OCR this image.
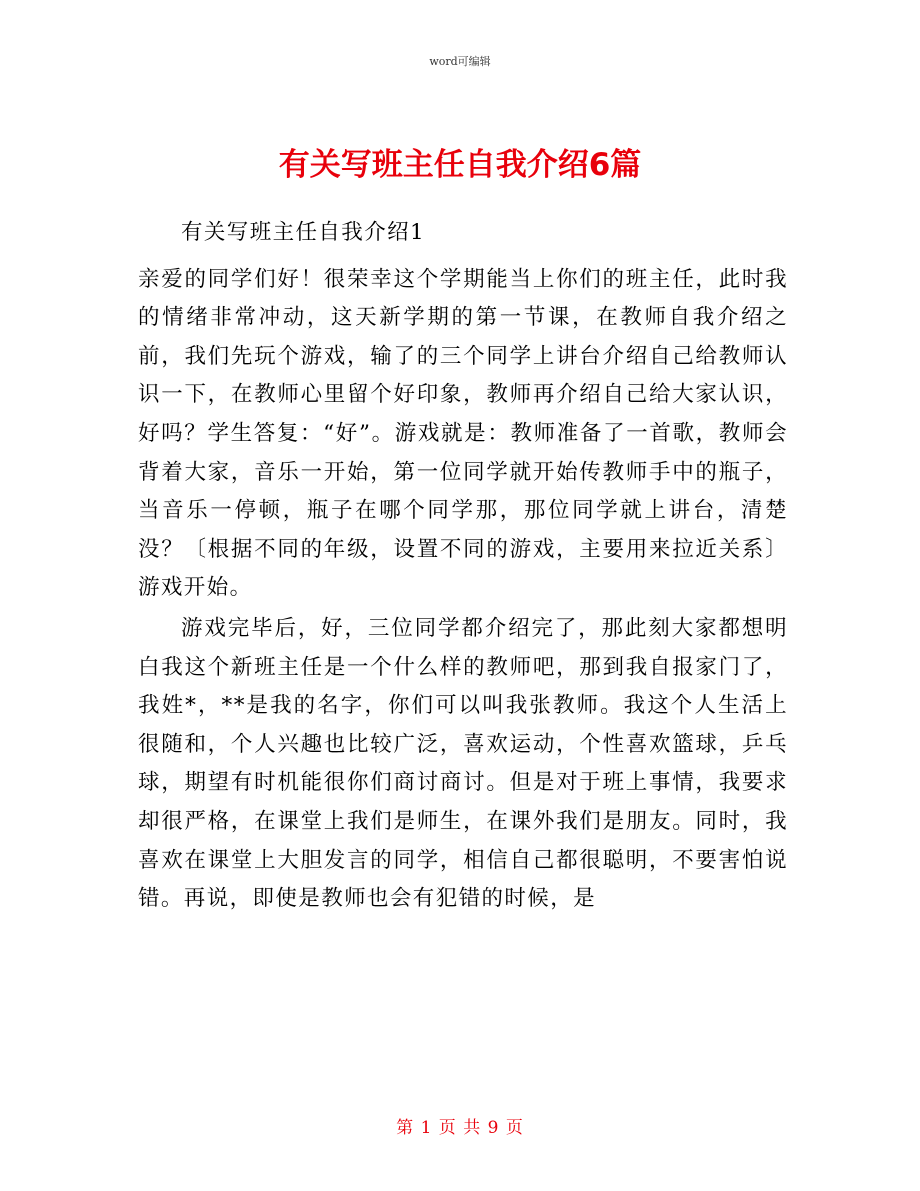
word可编辑
有关写班主任自我介绍6篇

有关写班主任自我介绍1

亲爱的同学们好！很荣幸这个学期能当上你们的班主任，此时我的情绪非常冲动，这天新学期的第一节课，在教师自我介绍之前，我们先玩个游戏，输了的三个同学上讲台介绍自己给教师认识一下，在教师心里留个好印象，教师再介绍自己给大家认识，好吗？学生答复：“好”。游戏就是：教师准备了一首歌，教师会背着大家，音乐一开始，第一位同学就开始传教师手中的瓶子，当音乐一停顿，瓶子在哪个同学那，那位同学就上讲台，清楚没？〔根据不同的年级，设置不同的游戏，主要用来拉近关系〕游戏开始。

游戏完毕后，好，三位同学都介绍完了，那此刻大家都想明白我这个新班主任是一个什么样的教师吧，那到我自报家门了，我姓*，**是我的名字，你们可以叫我张教师。我这个人生活上很随和，个人兴趣也比较广泛，喜欢运动，个性喜欢篮球，乒乓球，期望有时机能很你们商讨商讨。但是对于班上事情，我要求却很严格，在课堂上我们是师生，在课外我们是朋友。同时，我喜欢在课堂上大胆发言的同学，相信自己都很聪明，不要害怕说错。再说，即使是教师也会有犯错的时候，是

第 1 页 共 9 页
